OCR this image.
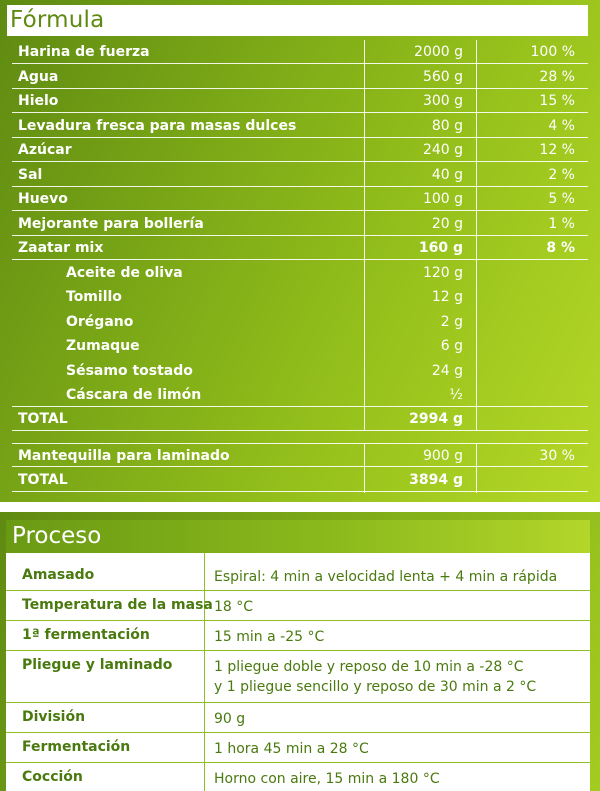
Fórmula
Harina de fuerza	2000 g	100 %
Agua	560 g	28 %
Hielo	300 g	15 %
Levadura fresca para masas dulces	80 g	4 %
Azúcar	240 g	12 %
Sal	40 g	2 %
Huevo	100 g	5 %
Mejorante para bollería	20 g	1 %
Zaatar mix	160 g	8 %
Aceite de oliva	120 g
Tomillo	12 g
Orégano	2 g
Zumaque	6 g
Sésamo tostado	24 g
Cáscara de limón	½
TOTAL	2994 g
Mantequilla para laminado	900 g	30 %
TOTAL	3894 g
Proceso
Amasado	Espiral: 4 min a velocidad lenta + 4 min a rápida
Temperatura de la masa 18 °C
1ª fermentación	15 min a -25 °C
Pliegue y laminado	1 pliegue doble y reposo de 10 min a -28 °C
y 1 pliegue sencillo y reposo de 30 min a 2 °C
División	90 g
Fermentación	1 hora 45 min a 28 °C
Cocción	Horno con aire, 15 min a 180 °C
